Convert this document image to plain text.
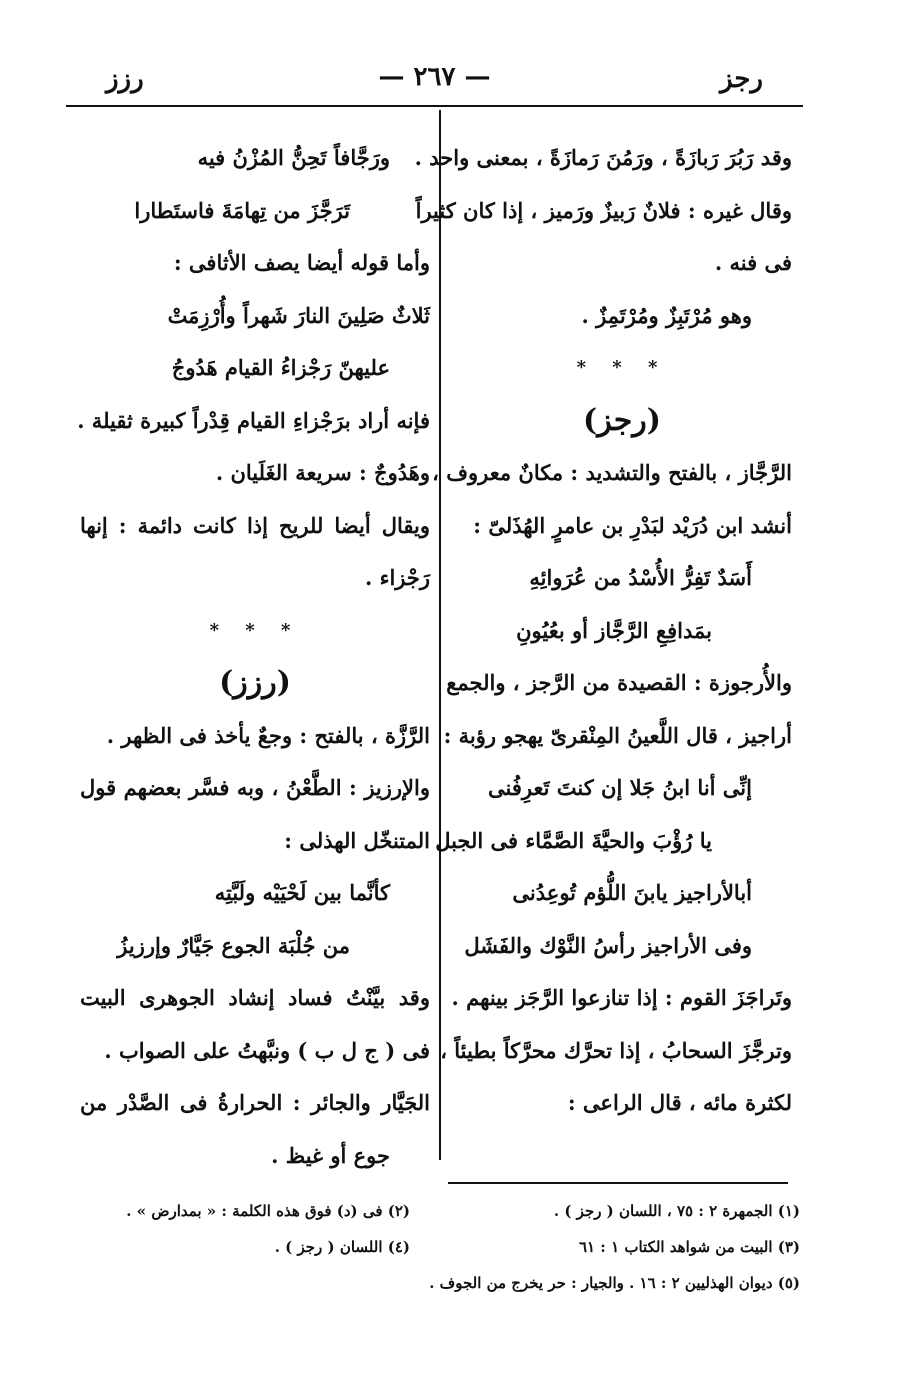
رجز
— ٢٦٧ —
رزز
وقد رَبُرَ رَبازَةً ، ورَمُنَ رَمازَةً ، بمعنى واحد .
وقال غيره : فلانٌ رَبيزٌ ورَميز ، إذا كان كثيراً
فى فنه .
وهو مُرْتَبِزٌ ومُرْتَمِزٌ .
* * *
(رجز)
الرَّجَّاز ، بالفتح والتشديد : مكانٌ معروف ،
أنشد ابن دُرَيْد لبَدْرِ بن عامرٍ الهُذَلىّ :
أَسَدٌ تَفِرُّ الأُسْدُ من عُرَوائِهِ
بمَدافِعِ الرَّجَّاز أو بعُيُونِ
والأُرجوزة : القصيدة من الرَّجز ، والجمع
أراجيز ، قال اللَّعينُ المِنْقرىّ يهجو رؤبة :
إنِّى أنا ابنُ جَلا إن كنتَ تَعرِفُنى
يا رُؤْبَ والحيَّةَ الصَّمَّاء فى الجبل
أبالأراجيز يابنَ اللُّؤم تُوعِدُنى
وفى الأراجيز رأسُ النَّوْك والفَشَل
وتَراجَزَ القوم : إذا تنازعوا الرَّجَز بينهم .
وترجَّزَ السحابُ ، إذا تحرَّك محرَّكاً بطيئاً ،
لكثرة مائه ، قال الراعى :
ورَجَّافاً تَحِنُّ المُزْنُ فيه
تَرَجَّزَ من تِهامَةَ فاستَطارا
وأما قوله أيضا يصف الأثافى :
ثَلاثٌ صَلِينَ النارَ شَهراً وأُرْزِمَتْ
عليهنّ رَجْزاءُ القيام هَدُوجُ
فإنه أراد برَجْزاءِ القيام قِدْراً كبيرة ثقيلة .
وهَدُوجٌ : سريعة الغَلَيان .
ويقال أيضا للريح إذا كانت دائمة : إنها
رَجْزاء .
* * *
(رزز)
الرَّزَّة ، بالفتح : وجعٌ يأخذ فى الظهر .
والإرزيز : الطَّعْنُ ، وبه فسَّر بعضهم قول
المتنخّل الهذلى :
كأنَّما بين لَحْيَيْه ولَبَّتِه
من جُلْبَة الجوع جَيَّارٌ وإرزيزُ
وقد بيَّنْتُ فساد إنشاد الجوهرى البيت
فى ( ج ل ب ) ونبَّهتُ على الصواب .
الجَيَّار والجائر : الحرارةُ فى الصَّدْر من
جوع أو غيظ .
(١) الجمهرة ٢ : ٧٥ ، اللسان ( رجز ) .
(٢) فى (د) فوق هذه الكلمة : « بمدارض » .
(٣) البيت من شواهد الكتاب ١ : ٦١
(٤) اللسان ( رجز ) .
(٥) ديوان الهذليين ٢ : ١٦ . والجيار : حر يخرج من الجوف .
